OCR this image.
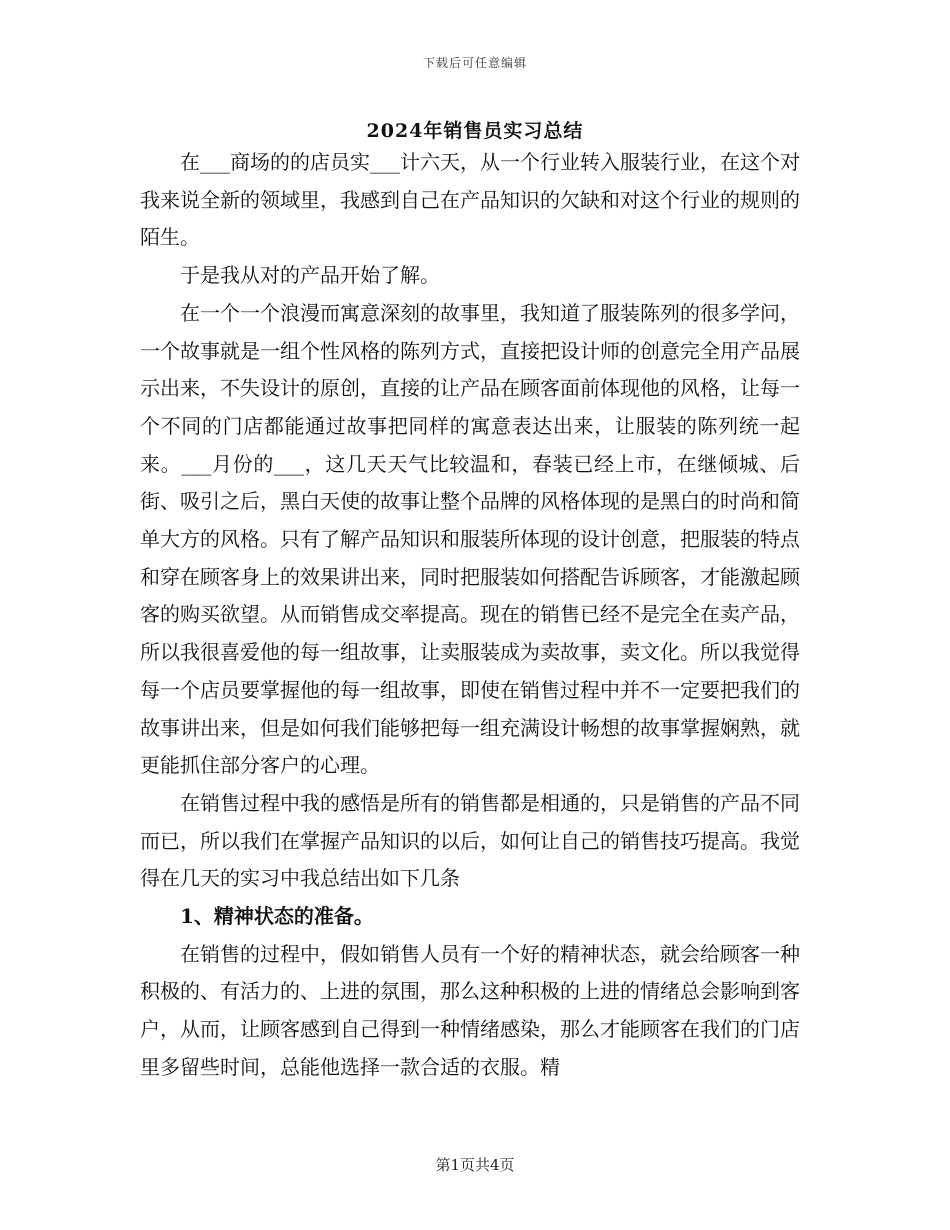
下载后可任意编辑
2024年销售员实习总结

在___商场的的店员实___计六天，从一个行业转入服装行业，在这个对我来说全新的领域里，我感到自己在产品知识的欠缺和对这个行业的规则的陌生。

于是我从对的产品开始了解。

在一个一个浪漫而寓意深刻的故事里，我知道了服装陈列的很多学问，一个故事就是一组个性风格的陈列方式，直接把设计师的创意完全用产品展示出来，不失设计的原创，直接的让产品在顾客面前体现他的风格，让每一个不同的门店都能通过故事把同样的寓意表达出来，让服装的陈列统一起来。___月份的___，这几天天气比较温和，春装已经上市，在继倾城、后街、吸引之后，黑白天使的故事让整个品牌的风格体现的是黑白的时尚和简单大方的风格。只有了解产品知识和服装所体现的设计创意，把服装的特点和穿在顾客身上的效果讲出来，同时把服装如何搭配告诉顾客，才能激起顾客的购买欲望。从而销售成交率提高。现在的销售已经不是完全在卖产品，所以我很喜爱他的每一组故事，让卖服装成为卖故事，卖文化。所以我觉得每一个店员要掌握他的每一组故事，即使在销售过程中并不一定要把我们的故事讲出来，但是如何我们能够把每一组充满设计畅想的故事掌握娴熟，就更能抓住部分客户的心理。

在销售过程中我的感悟是所有的销售都是相通的，只是销售的产品不同而已，所以我们在掌握产品知识的以后，如何让自己的销售技巧提高。我觉得在几天的实习中我总结出如下几条

1、精神状态的准备。

在销售的过程中，假如销售人员有一个好的精神状态，就会给顾客一种积极的、有活力的、上进的氛围，那么这种积极的上进的情绪总会影响到客户，从而，让顾客感到自己得到一种情绪感染，那么才能顾客在我们的门店里多留些时间，总能他选择一款合适的衣服。精

第1页共4页
